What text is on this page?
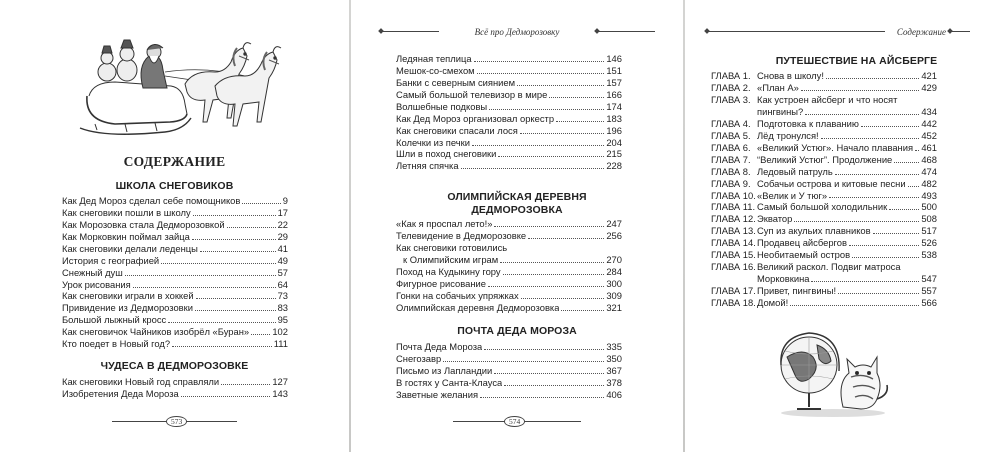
СОДЕРЖАНИЕ
ШКОЛА СНЕГОВИКОВ
Как Дед Мороз сделал себе помощников	9
Как снеговики пошли в школу	17
Как Морозовка стала Дедморозовкой	22
Как Морковкин поймал зайца	29
Как снеговики делали леденцы	41
История с географией	49
Снежный душ	57
Урок рисования	64
Как снеговики играли в хоккей	73
Привидение из Дедморозовки	83
Большой лыжный кросс	95
Как снеговичок Чайников изобрёл «Буран» 102
Кто поедет в Новый год?	111
ЧУДЕСА В ДЕДМОРОЗОВКЕ
Как снеговики Новый год справляли	127
Изобретения Деда Мороза	143
573
Всё про Дедморозовку
Ледяная теплица	146
Мешок-со-смехом	151
Банки с северным сиянием	157
Самый большой телевизор в мире	166
Волшебные подковы	174
Как Дед Мороз организовал оркестр	183
Как снеговики спасали лося	196
Колечки из печки	204
Шли в поход снеговики	215
Летняя спячка	228
ОЛИМПИЙСКАЯ ДЕРЕВНЯ
ДЕДМОРОЗОВКА
«Как я проспал лето!»	247
Телевидение в Дедморозовке	256
Как снеговики готовились
к Олимпийским играм	270
Поход на Кудыкину гору	284
Фигурное рисование	300
Гонки на собачьих упряжках	309
Олимпийская деревня Дедморозовка	321
ПОЧТА ДЕДА МОРОЗА
Почта Деда Мороза	335
Снегозавр	350
Письмо из Лапландии	367
В гостях у Санта-Клауса	378
Заветные желания	406
574
Содержание
ПУТЕШЕСТВИЕ НА АЙСБЕРГЕ
ГЛАВА 1. Снова в школу!	421
ГЛАВА 2. «План А»	429
ГЛАВА 3. Как устроен айсберг и что носят
пингвины?	434
ГЛАВА 4. Подготовка к плаванию	442
ГЛАВА 5. Лёд тронулся!	452
ГЛАВА 6. «Великий Устюг». Начало плавания 461
ГЛАВА 7. “Великий Устюг”. Продолжение	468
ГЛАВА 8. Ледовый патруль	474
ГЛАВА 9. Собачьи острова и китовые песни 482
ГЛАВА 10. «Велик и У тюг»	493
ГЛАВА 11. Самый большой холодильник	500
ГЛАВА 12. Экватор	508
ГЛАВА 13. Суп из акульих плавников	517
ГЛАВА 14. Продавец айсбергов	526
ГЛАВА 15. Необитаемый остров	538
ГЛАВА 16. Великий раскол. Подвиг матроса
Морковкина	547
ГЛАВА 17. Привет, пингвины!	557
ГЛАВА 18. Домой!	566
